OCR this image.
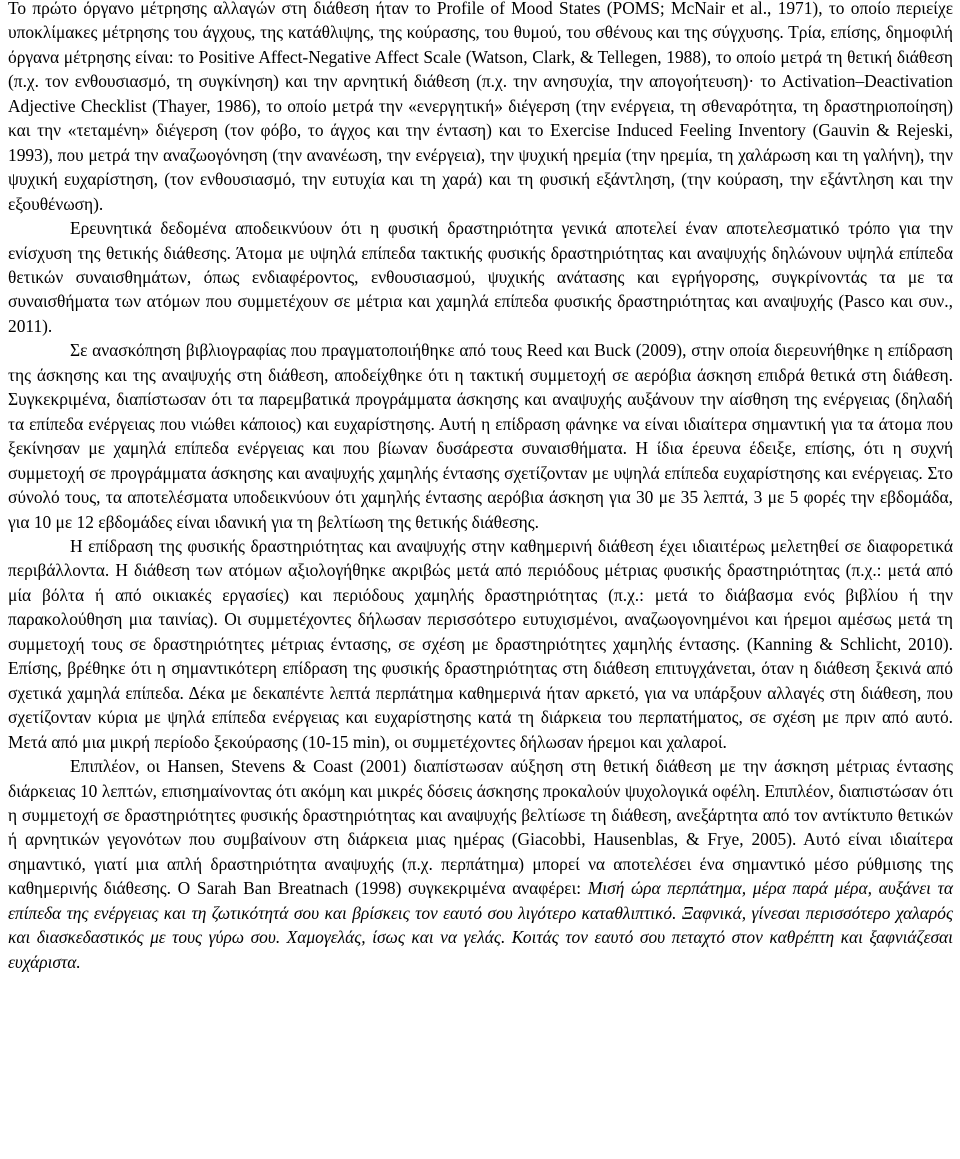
Το πρώτο όργανο μέτρησης αλλαγών στη διάθεση ήταν το Profile of Mood States (POMS; McNair et al., 1971), το οποίο περιείχε υποκλίμακες μέτρησης του άγχους, της κατάθλιψης, της κούρασης, του θυμού, του σθένους και της σύγχυσης. Τρία, επίσης, δημοφιλή όργανα μέτρησης είναι: το Positive Affect-Negative Affect Scale (Watson, Clark, & Tellegen, 1988), το οποίο μετρά τη θετική διάθεση (π.χ. τον ενθουσιασμό, τη συγκίνηση) και την αρνητική διάθεση (π.χ. την ανησυχία, την απογοήτευση)· το Activation–Deactivation Adjective Checklist (Thayer, 1986), το οποίο μετρά την «ενεργητική» διέγερση (την ενέργεια, τη σθεναρότητα, τη δραστηριοποίηση) και την «τεταμένη» διέγερση (τον φόβο, το άγχος και την ένταση) και το Exercise Induced Feeling Inventory (Gauvin & Rejeski, 1993), που μετρά την αναζωογόνηση (την ανανέωση, την ενέργεια), την ψυχική ηρεμία (την ηρεμία, τη χαλάρωση και τη γαλήνη), την ψυχική ευχαρίστηση, (τον ενθουσιασμό, την ευτυχία και τη χαρά) και τη φυσική εξάντληση, (την κούραση, την εξάντληση και την εξουθένωση).

Ερευνητικά δεδομένα αποδεικνύουν ότι η φυσική δραστηριότητα γενικά αποτελεί έναν αποτελεσματικό τρόπο για την ενίσχυση της θετικής διάθεσης. Άτομα με υψηλά επίπεδα τακτικής φυσικής δραστηριότητας και αναψυχής δηλώνουν υψηλά επίπεδα θετικών συναισθημάτων, όπως ενδιαφέροντος, ενθουσιασμού, ψυχικής ανάτασης και εγρήγορσης, συγκρίνοντάς τα με τα συναισθήματα των ατόμων που συμμετέχουν σε μέτρια και χαμηλά επίπεδα φυσικής δραστηριότητας και αναψυχής (Pasco και συν., 2011).

Σε ανασκόπηση βιβλιογραφίας που πραγματοποιήθηκε από τους Reed και Buck (2009), στην οποία διερευνήθηκε η επίδραση της άσκησης και της αναψυχής στη διάθεση, αποδείχθηκε ότι η τακτική συμμετοχή σε αερόβια άσκηση επιδρά θετικά στη διάθεση. Συγκεκριμένα, διαπίστωσαν ότι τα παρεμβατικά προγράμματα άσκησης και αναψυχής αυξάνουν την αίσθηση της ενέργειας (δηλαδή τα επίπεδα ενέργειας που νιώθει κάποιος) και ευχαρίστησης. Αυτή η επίδραση φάνηκε να είναι ιδιαίτερα σημαντική για τα άτομα που ξεκίνησαν με χαμηλά επίπεδα ενέργειας και που βίωναν δυσάρεστα συναισθήματα. Η ίδια έρευνα έδειξε, επίσης, ότι η συχνή συμμετοχή σε προγράμματα άσκησης και αναψυχής χαμηλής έντασης σχετίζονταν με υψηλά επίπεδα ευχαρίστησης και ενέργειας. Στο σύνολό τους, τα αποτελέσματα υποδεικνύουν ότι χαμηλής έντασης αερόβια άσκηση για 30 με 35 λεπτά, 3 με 5 φορές την εβδομάδα, για 10 με 12 εβδομάδες είναι ιδανική για τη βελτίωση της θετικής διάθεσης.

Η επίδραση της φυσικής δραστηριότητας και αναψυχής στην καθημερινή διάθεση έχει ιδιαιτέρως μελετηθεί σε διαφορετικά περιβάλλοντα. Η διάθεση των ατόμων αξιολογήθηκε ακριβώς μετά από περιόδους μέτριας φυσικής δραστηριότητας (π.χ.: μετά από μία βόλτα ή από οικιακές εργασίες) και περιόδους χαμηλής δραστηριότητας (π.χ.: μετά το διάβασμα ενός βιβλίου ή την παρακολούθηση μια ταινίας). Οι συμμετέχοντες δήλωσαν περισσότερο ευτυχισμένοι, αναζωογονημένοι και ήρεμοι αμέσως μετά τη συμμετοχή τους σε δραστηριότητες μέτριας έντασης, σε σχέση με δραστηριότητες χαμηλής έντασης. (Kanning & Schlicht, 2010). Επίσης, βρέθηκε ότι η σημαντικότερη επίδραση της φυσικής δραστηριότητας στη διάθεση επιτυγχάνεται, όταν η διάθεση ξεκινά από σχετικά χαμηλά επίπεδα. Δέκα με δεκαπέντε λεπτά περπάτημα καθημερινά ήταν αρκετό, για να υπάρξουν αλλαγές στη διάθεση, που σχετίζονταν κύρια με ψηλά επίπεδα ενέργειας και ευχαρίστησης κατά τη διάρκεια του περπατήματος, σε σχέση με πριν από αυτό. Μετά από μια μικρή περίοδο ξεκούρασης (10-15 min), οι συμμετέχοντες δήλωσαν ήρεμοι και χαλαροί.

Επιπλέον, οι Hansen, Stevens & Coast (2001) διαπίστωσαν αύξηση στη θετική διάθεση με την άσκηση μέτριας έντασης διάρκειας 10 λεπτών, επισημαίνοντας ότι ακόμη και μικρές δόσεις άσκησης προκαλούν ψυχολογικά οφέλη. Επιπλέον, διαπιστώσαν ότι η συμμετοχή σε δραστηριότητες φυσικής δραστηριότητας και αναψυχής βελτίωσε τη διάθεση, ανεξάρτητα από τον αντίκτυπο θετικών ή αρνητικών γεγονότων που συμβαίνουν στη διάρκεια μιας ημέρας (Giacobbi, Hausenblas, & Frye, 2005). Αυτό είναι ιδιαίτερα σημαντικό, γιατί μια απλή δραστηριότητα αναψυχής (π.χ. περπάτημα) μπορεί να αποτελέσει ένα σημαντικό μέσο ρύθμισης της καθημερινής διάθεσης. Ο Sarah Ban Breatnach (1998) συγκεκριμένα αναφέρει: Μισή ώρα περπάτημα, μέρα παρά μέρα, αυξάνει τα επίπεδα της ενέργειας και τη ζωτικότητά σου και βρίσκεις τον εαυτό σου λιγότερο καταθλιπτικό. Ξαφνικά, γίνεσαι περισσότερο χαλαρός και διασκεδαστικός με τους γύρω σου. Χαμογελάς, ίσως και να γελάς. Κοιτάς τον εαυτό σου πεταχτό στον καθρέπτη και ξαφνιάζεσαι ευχάριστα.
